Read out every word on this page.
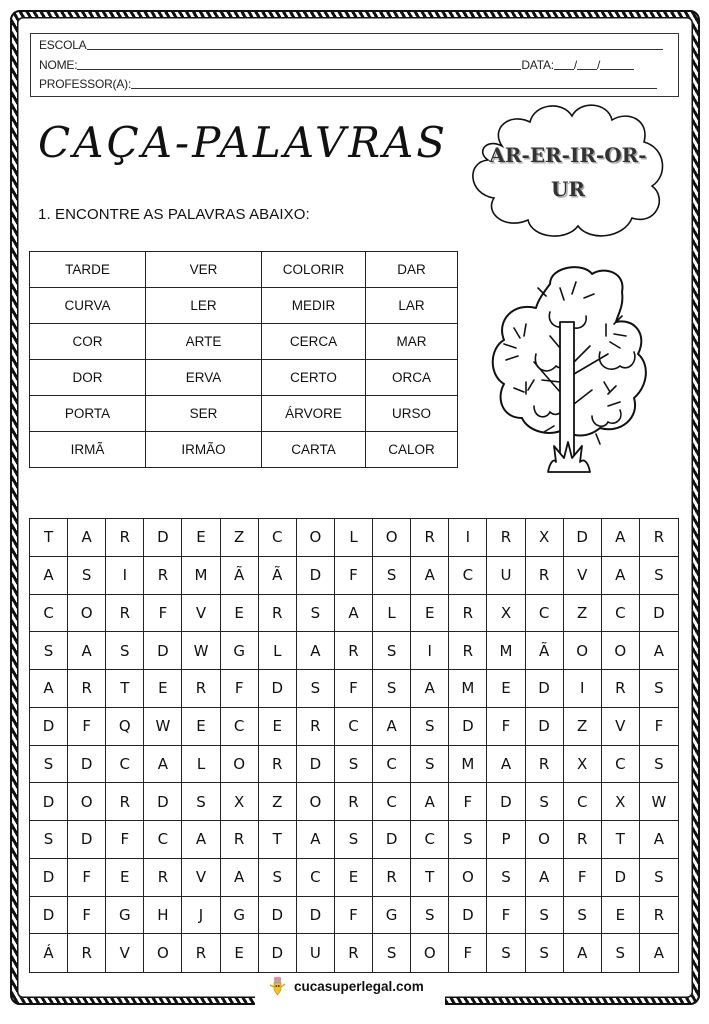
ESCOLA
NOME:	DATA: / /
PROFESSOR(A):
CAÇA-PALAVRAS	AR-ER-IR-OR-
UR
1. ENCONTRE AS PALAVRAS ABAIXO:
TARDE	VER	COLORIR	DAR
CURVA	LER	MEDIR	LAR
COR	ARTE	CERCA	MAR
DOR	ERVA	CERTO	ORCA
PORTA	SER	ÁRVORE	URSO
IRMÃ	IRMÃO	CARTA	CALOR
T	A	R	D	E	Z	C	O	L	O	R	I	R	X	D	A	R
A	S	I	R	M	Ã	Ã	D	F	S	A	C	U	R	V	A	S
C	O	R	F	V	E	R	S	A	L	E	R	X	C	Z	C	D
S	A	S	D	W	G	L	A	R	S	I	R	M	Ã	O	O	A
A	R	T	E	R	F	D	S	F	S	A	M	E	D	I	R	S
D	F	Q	W	E	C	E	R	C	A	S	D	F	D	Z	V	F
S	D	C	A	L	O	R	D	S	C	S	M	A	R	X	C	S
D	O	R	D	S	X	Z	O	R	C	A	F	D	S	C	X	W
S	D	F	C	A	R	T	A	S	D	C	S	P	O	R	T	A
D	F	E	R	V	A	S	C	E	R	T	O	S	A	F	D	S
D	F	G	H	J	G	D	D	F	G	S	D	F	S	S	E	R
Á	R	V	O	R	E	D	U	R	S	O	F	S	S	A	S	A
cucasuperlegal.com
